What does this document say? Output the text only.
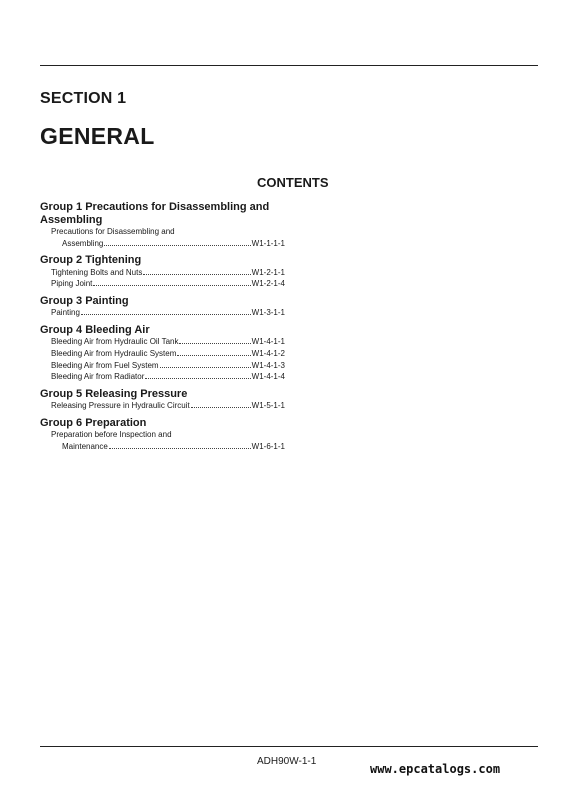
SECTION 1
GENERAL
CONTENTS
Group 1 Precautions for Disassembling and Assembling
Precautions for Disassembling and
Assembling	W1-1-1-1
Group 2 Tightening
Tightening Bolts and Nuts	W1-2-1-1
Piping Joint	W1-2-1-4
Group 3 Painting
Painting	W1-3-1-1
Group 4 Bleeding Air
Bleeding Air from Hydraulic Oil Tank	W1-4-1-1
Bleeding Air from Hydraulic System	W1-4-1-2
Bleeding Air from Fuel System	W1-4-1-3
Bleeding Air from Radiator	W1-4-1-4
Group 5 Releasing Pressure
Releasing Pressure in Hydraulic Circuit	W1-5-1-1
Group 6 Preparation
Preparation before Inspection and
Maintenance	W1-6-1-1
ADH90W-1-1
www.epcatalogs.com
